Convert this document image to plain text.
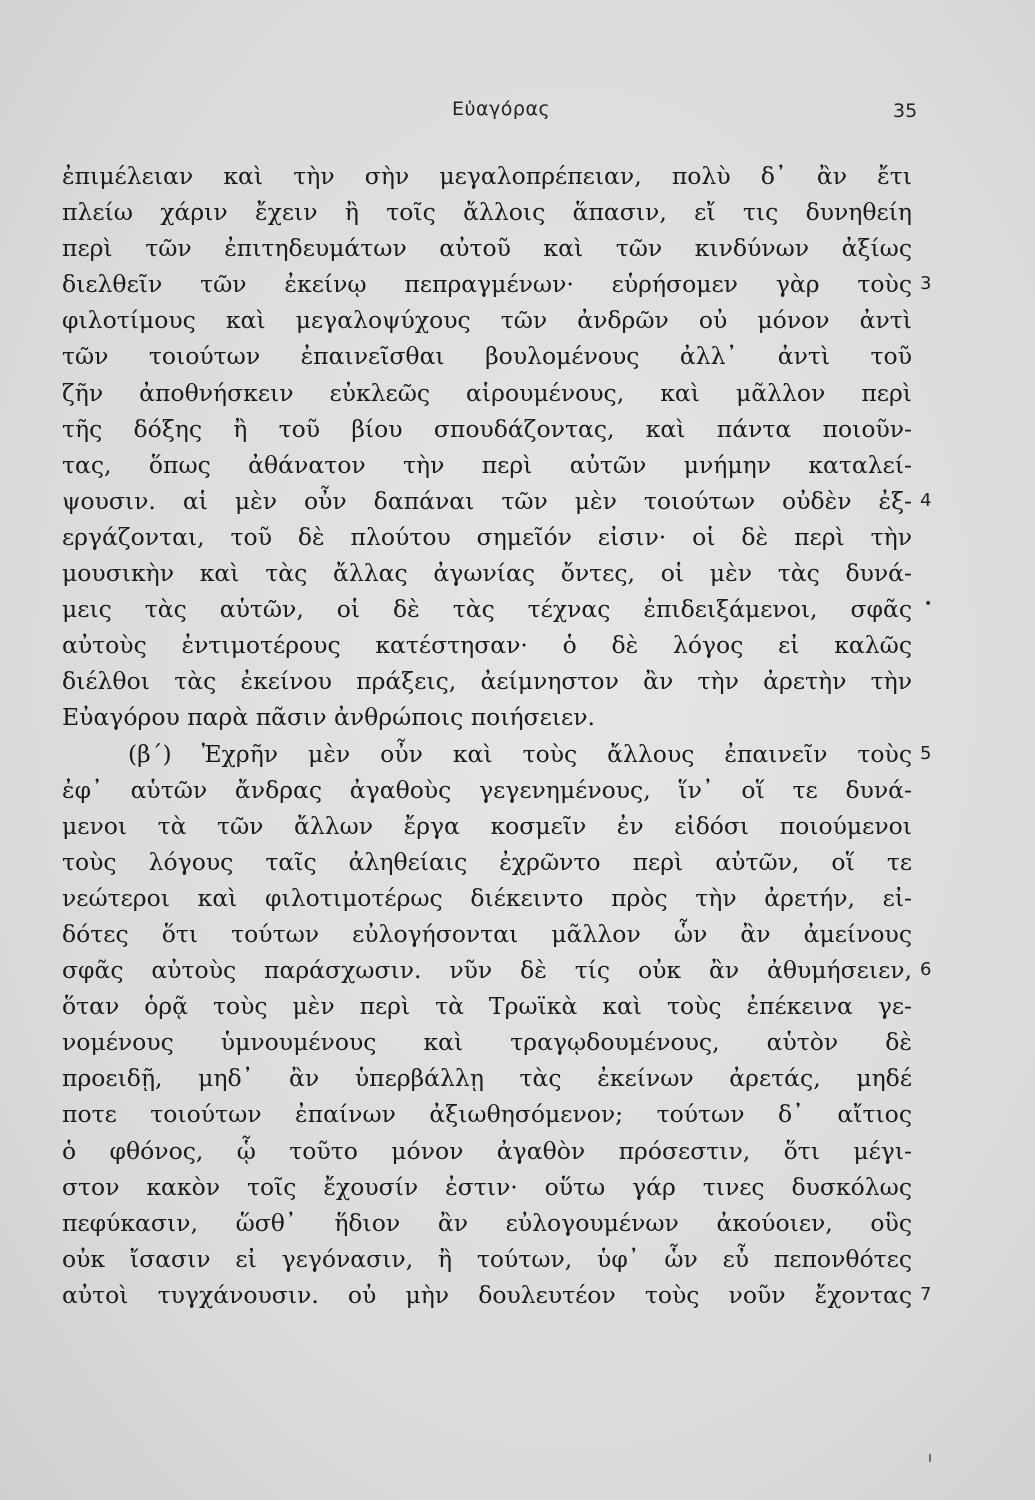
Εὐαγόρας	35
ἐπιμέλειαν καὶ τὴν σὴν μεγαλοπρέπειαν, πολὺ δ᾿ ἂν ἔτι
πλείω χάριν ἔχειν ἢ τοῖς ἄλλοις ἅπασιν, εἴ τις δυνηθείη
περὶ τῶν ἐπιτηδευμάτων αὐτοῦ καὶ τῶν κινδύνων ἀξίως
διελθεῖν τῶν ἐκείνῳ πεπραγμένων· εὑρήσομεν γὰρ τοὺς 3
φιλοτίμους καὶ μεγαλοψύχους τῶν ἀνδρῶν οὐ μόνον ἀντὶ
τῶν τοιούτων ἐπαινεῖσθαι βουλομένους ἀλλ᾿ ἀντὶ τοῦ
ζῆν ἀποθνήσκειν εὐκλεῶς αἱρουμένους, καὶ μᾶλλον περὶ
τῆς δόξης ἢ τοῦ βίου σπουδάζοντας, καὶ πάντα ποιοῦν-
τας, ὅπως ἀθάνατον τὴν περὶ αὐτῶν μνήμην καταλεί-
ψουσιν. αἱ μὲν οὖν δαπάναι τῶν μὲν τοιούτων οὐδὲν ἐξ- 4
εργάζονται, τοῦ δὲ πλούτου σημεῖόν εἰσιν· οἱ δὲ περὶ τὴν
μουσικὴν καὶ τὰς ἄλλας ἀγωνίας ὄντες, οἱ μὲν τὰς δυνά-
μεις τὰς αὑτῶν, οἱ δὲ τὰς τέχνας ἐπιδειξάμενοι, σφᾶς
αὐτοὺς ἐντιμοτέρους κατέστησαν· ὁ δὲ λόγος εἰ καλῶς
διέλθοι τὰς ἐκείνου πράξεις, ἀείμνηστον ἂν τὴν ἀρετὴν τὴν
Εὐαγόρου παρὰ πᾶσιν ἀνθρώποις ποιήσειεν.
(β΄) Ἐχρῆν μὲν οὖν καὶ τοὺς ἄλλους ἐπαινεῖν τοὺς 5
ἐφ᾿ αὑτῶν ἄνδρας ἀγαθοὺς γεγενημένους, ἵν᾿ οἵ τε δυνά-
μενοι τὰ τῶν ἄλλων ἔργα κοσμεῖν ἐν εἰδόσι ποιούμενοι
τοὺς λόγους ταῖς ἀληθείαις ἐχρῶντο περὶ αὐτῶν, οἵ τε
νεώτεροι καὶ φιλοτιμοτέρως διέκειντο πρὸς τὴν ἀρετήν, εἰ-
δότες ὅτι τούτων εὐλογήσονται μᾶλλον ὧν ἂν ἀμείνους
σφᾶς αὐτοὺς παράσχωσιν. νῦν δὲ τίς οὐκ ἂν ἀθυμήσειεν, 6
ὅταν ὁρᾷ τοὺς μὲν περὶ τὰ Τρωϊκὰ καὶ τοὺς ἐπέκεινα γε-
νομένους ὑμνουμένους καὶ τραγῳδουμένους, αὑτὸν δὲ
προειδῇ, μηδ᾿ ἂν ὑπερβάλλῃ τὰς ἐκείνων ἀρετάς, μηδέ
ποτε τοιούτων ἐπαίνων ἀξιωθησόμενον; τούτων δ᾿ αἴτιος
ὁ φθόνος, ᾧ τοῦτο μόνον ἀγαθὸν πρόσεστιν, ὅτι μέγι-
στον κακὸν τοῖς ἔχουσίν ἐστιν· οὕτω γάρ τινες δυσκόλως
πεφύκασιν, ὥσθ᾿ ἥδιον ἂν εὐλογουμένων ἀκούοιεν, οὓς
οὐκ ἴσασιν εἰ γεγόνασιν, ἢ τούτων, ὑφ᾿ ὧν εὖ πεπονθότες
αὐτοὶ τυγχάνουσιν. οὐ μὴν δουλευτέον τοὺς νοῦν ἔχοντας 7
•
ı
